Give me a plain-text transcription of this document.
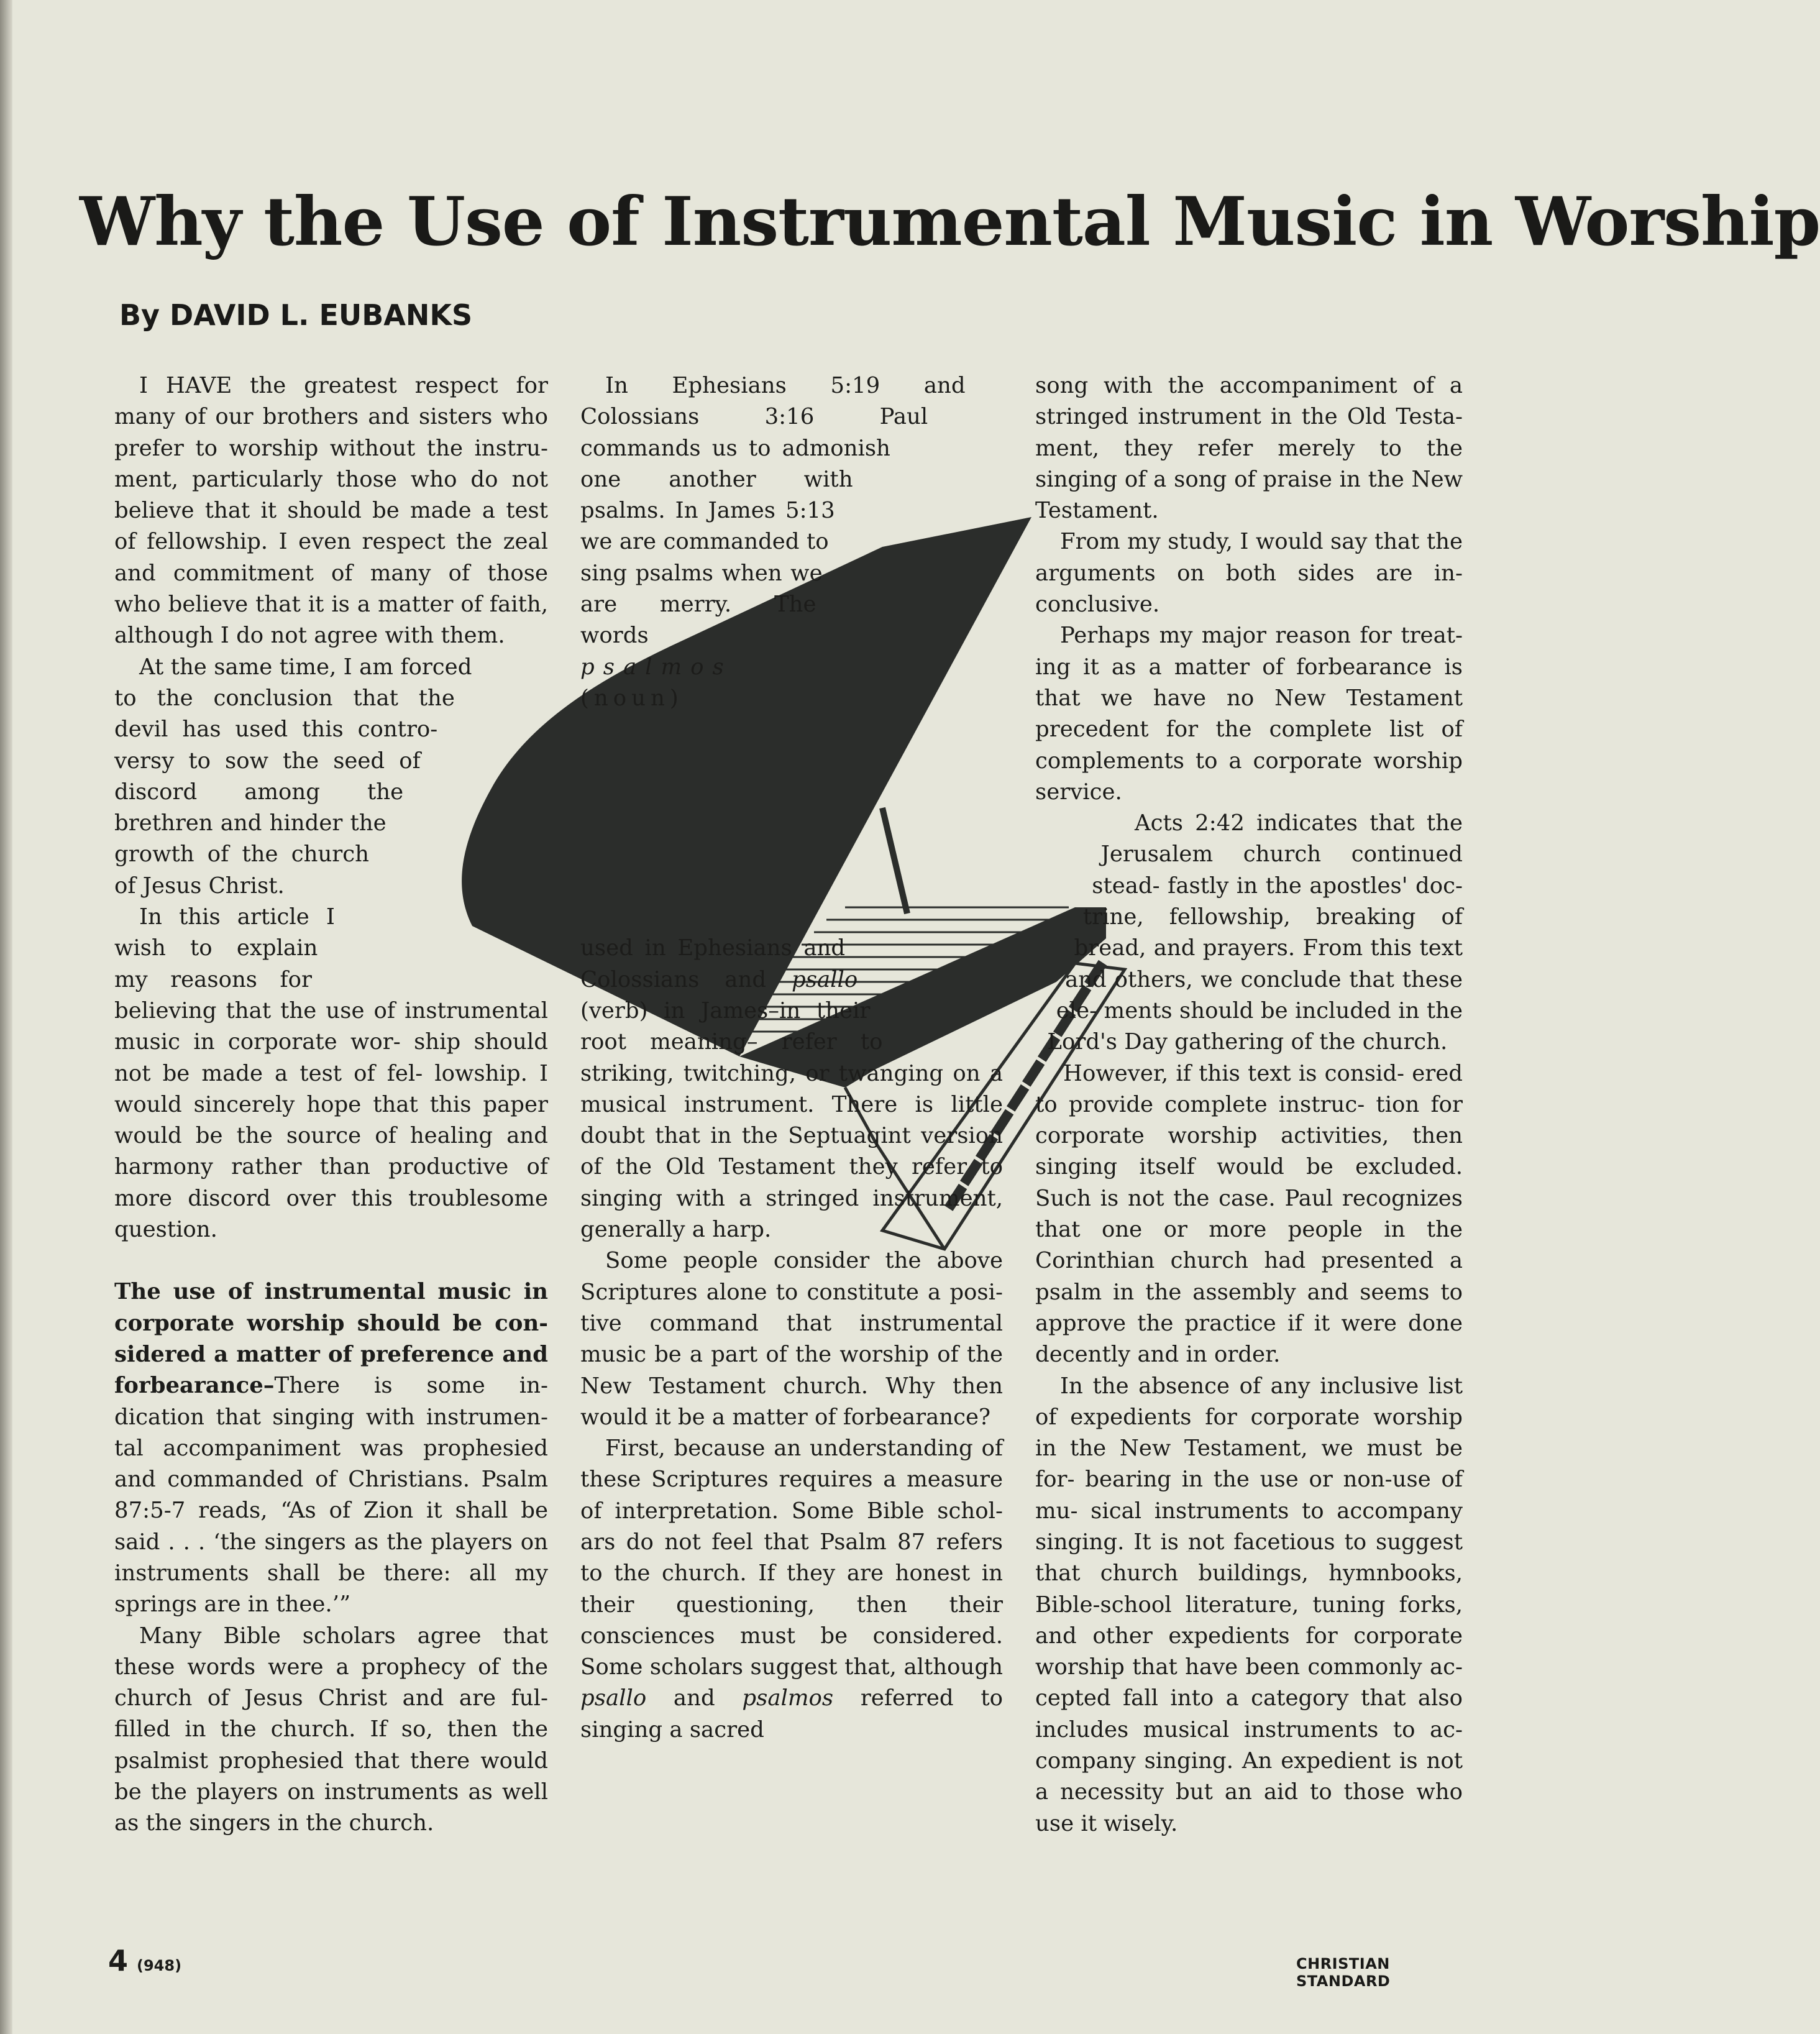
Why the Use of Instrumental Music in Worship
By DAVID L. EUBANKS

I HAVE the greatest respect for many of our brothers and sisters who prefer to worship without the instru- ment, particularly those who do not believe that it should be made a test of fellowship. I even respect the zeal and commitment of many of those who believe that it is a matter of faith, although I do not agree with them.

At the same time, I am forced to the conclusion that the devil has used this contro- versy to sow the seed of discord among the brethren and hinder the growth of the church of Jesus Christ.

In this article I wish to explain my reasons for believing that the use of instrumental music in corporate wor- ship should not be made a test of fel- lowship. I would sincerely hope that this paper would be the source of healing and harmony rather than productive of more discord over this troublesome question.

The use of instrumental music in corporate worship should be con- sidered a matter of preference and forbearance–There is some in- dication that singing with instrumen- tal accompaniment was prophesied and commanded of Christians. Psalm 87:5-7 reads, “As of Zion it shall be said . . . ‘the singers as the players on instruments shall be there: all my springs are in thee.’”

Many Bible scholars agree that these words were a prophecy of the church of Jesus Christ and are ful- filled in the church. If so, then the psalmist prophesied that there would be the players on instruments as well as the singers in the church.

In Ephesians 5:19 and Colossians 3:16 Paul commands us to admonish one another with psalms. In James 5:13 we are commanded to sing psalms when we are merry. The words
psalmos
(noun)

used in Ephesians and Colossians and psallo (verb) in James–in their root meaning– refer to striking, twitching, or twanging on a musical instrument. There is little doubt that in the Septuagint version of the Old Testament they refer to singing with a stringed instrument, generally a harp.

Some people consider the above Scriptures alone to constitute a posi- tive command that instrumental music be a part of the worship of the New Testament church. Why then would it be a matter of forbearance?

First, because an understanding of these Scriptures requires a measure of interpretation. Some Bible schol- ars do not feel that Psalm 87 refers to the church. If they are honest in their questioning, then their consciences must be considered. Some scholars suggest that, although psallo and psalmos referred to singing a sacred

song with the accompaniment of a stringed instrument in the Old Testa- ment, they refer merely to the singing of a song of praise in the New Testament.

From my study, I would say that the arguments on both sides are in- conclusive.

Perhaps my major reason for treat- ing it as a matter of forbearance is that we have no New Testament precedent for the complete list of complements to a corporate worship service.

Acts 2:42 indicates that the Jerusalem church continued stead- fastly in the apostles' doc- trine, fellowship, breaking of bread, and prayers. From this text and others, we conclude that these ele- ments should be included in the Lord's Day gathering of the church.

However, if this text is consid- ered to provide complete instruc- tion for corporate worship activities, then singing itself would be excluded. Such is not the case. Paul recognizes that one or more people in the Corinthian church had presented a psalm in the assembly and seems to approve the practice if it were done decently and in order.

In the absence of any inclusive list of expedients for corporate worship in the New Testament, we must be for- bearing in the use or non-use of mu- sical instruments to accompany singing. It is not facetious to suggest that church buildings, hymnbooks, Bible-school literature, tuning forks, and other expedients for corporate worship that have been commonly ac- cepted fall into a category that also includes musical instruments to ac- company singing. An expedient is not a necessity but an aid to those who use it wisely.

4 (948)	CHRISTIAN STANDARD
